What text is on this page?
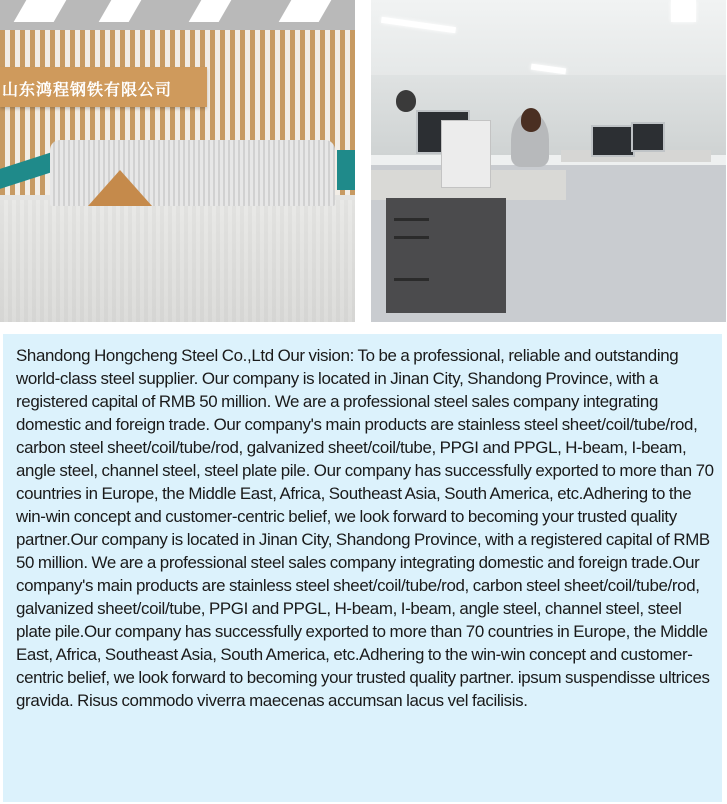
山东鸿程钢铁有限公司

Shandong Hongcheng Steel Co.,Ltd Our vision: To be a professional, reliable and outstanding world-class steel supplier. Our company is located in Jinan City, Shandong Province, with a registered capital of RMB 50 million. We are a professional steel sales company integrating domestic and foreign trade. Our company's main products are stainless steel sheet/coil/tube/rod, carbon steel sheet/coil/tube/rod, galvanized sheet/coil/tube, PPGI and PPGL, H-beam, I-beam, angle steel, channel steel, steel plate pile. Our company has successfully exported to more than 70 countries in Europe, the Middle East, Africa, Southeast Asia, South America, etc.Adhering to the win-win concept and customer-centric belief, we look forward to becoming your trusted quality partner.Our company is located in Jinan City, Shandong Province, with a registered capital of RMB 50 million. We are a professional steel sales company integrating domestic and foreign trade.Our company's main products are stainless steel sheet/coil/tube/rod, carbon steel sheet/coil/tube/rod, galvanized sheet/coil/tube, PPGI and PPGL, H-beam, I-beam, angle steel, channel steel, steel plate pile.Our company has successfully exported to more than 70 countries in Europe, the Middle East, Africa, Southeast Asia, South America, etc.Adhering to the win-win concept and customer-centric belief, we look forward to becoming your trusted quality partner. ipsum suspendisse ultrices gravida. Risus commodo viverra maecenas accumsan lacus vel facilisis.
